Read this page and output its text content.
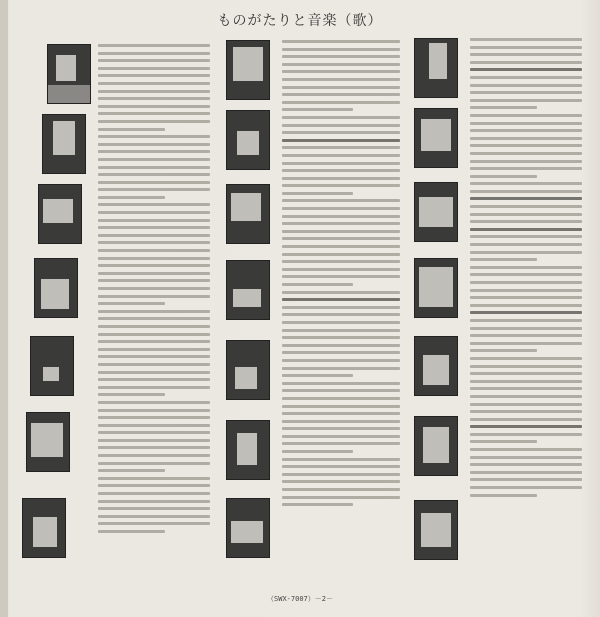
ものがたりと音楽（歌）
（SWX-7007）－2－
